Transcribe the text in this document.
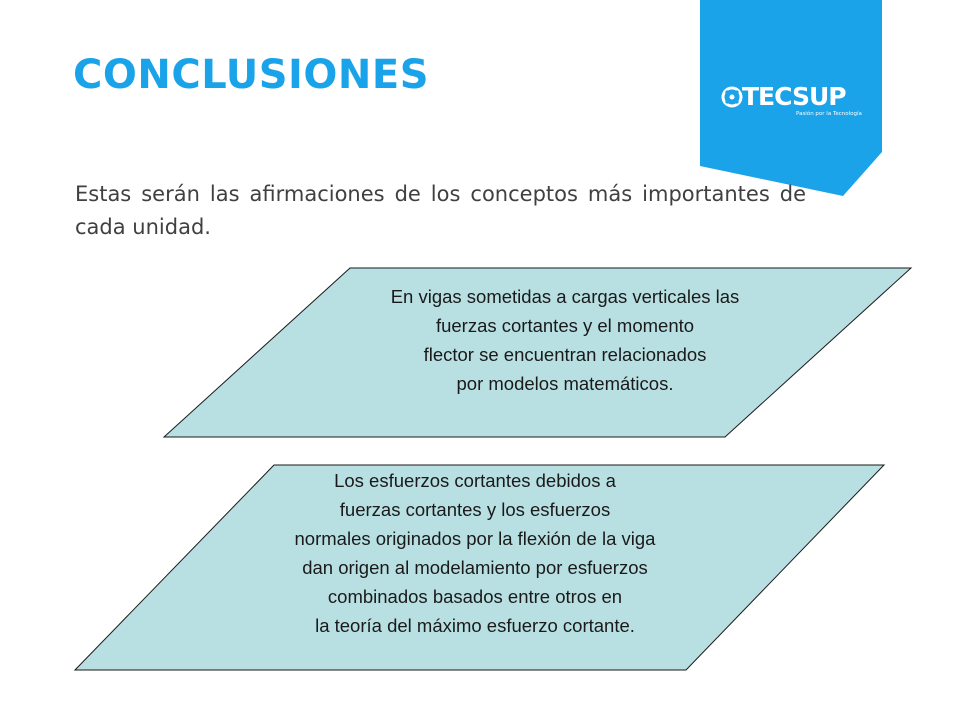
CONCLUSIONES	TECSUP
Pasión por la Tecnología

Estas serán las afirmaciones de los conceptos más importantes de cada unidad.

En vigas sometidas a cargas verticales las
fuerzas cortantes y el momento
flector se encuentran relacionados
por modelos matemáticos.

Los esfuerzos cortantes debidos a
fuerzas cortantes y los esfuerzos
normales originados por la flexión de la viga
dan origen al modelamiento por esfuerzos
combinados basados entre otros en
la teoría del máximo esfuerzo cortante.
